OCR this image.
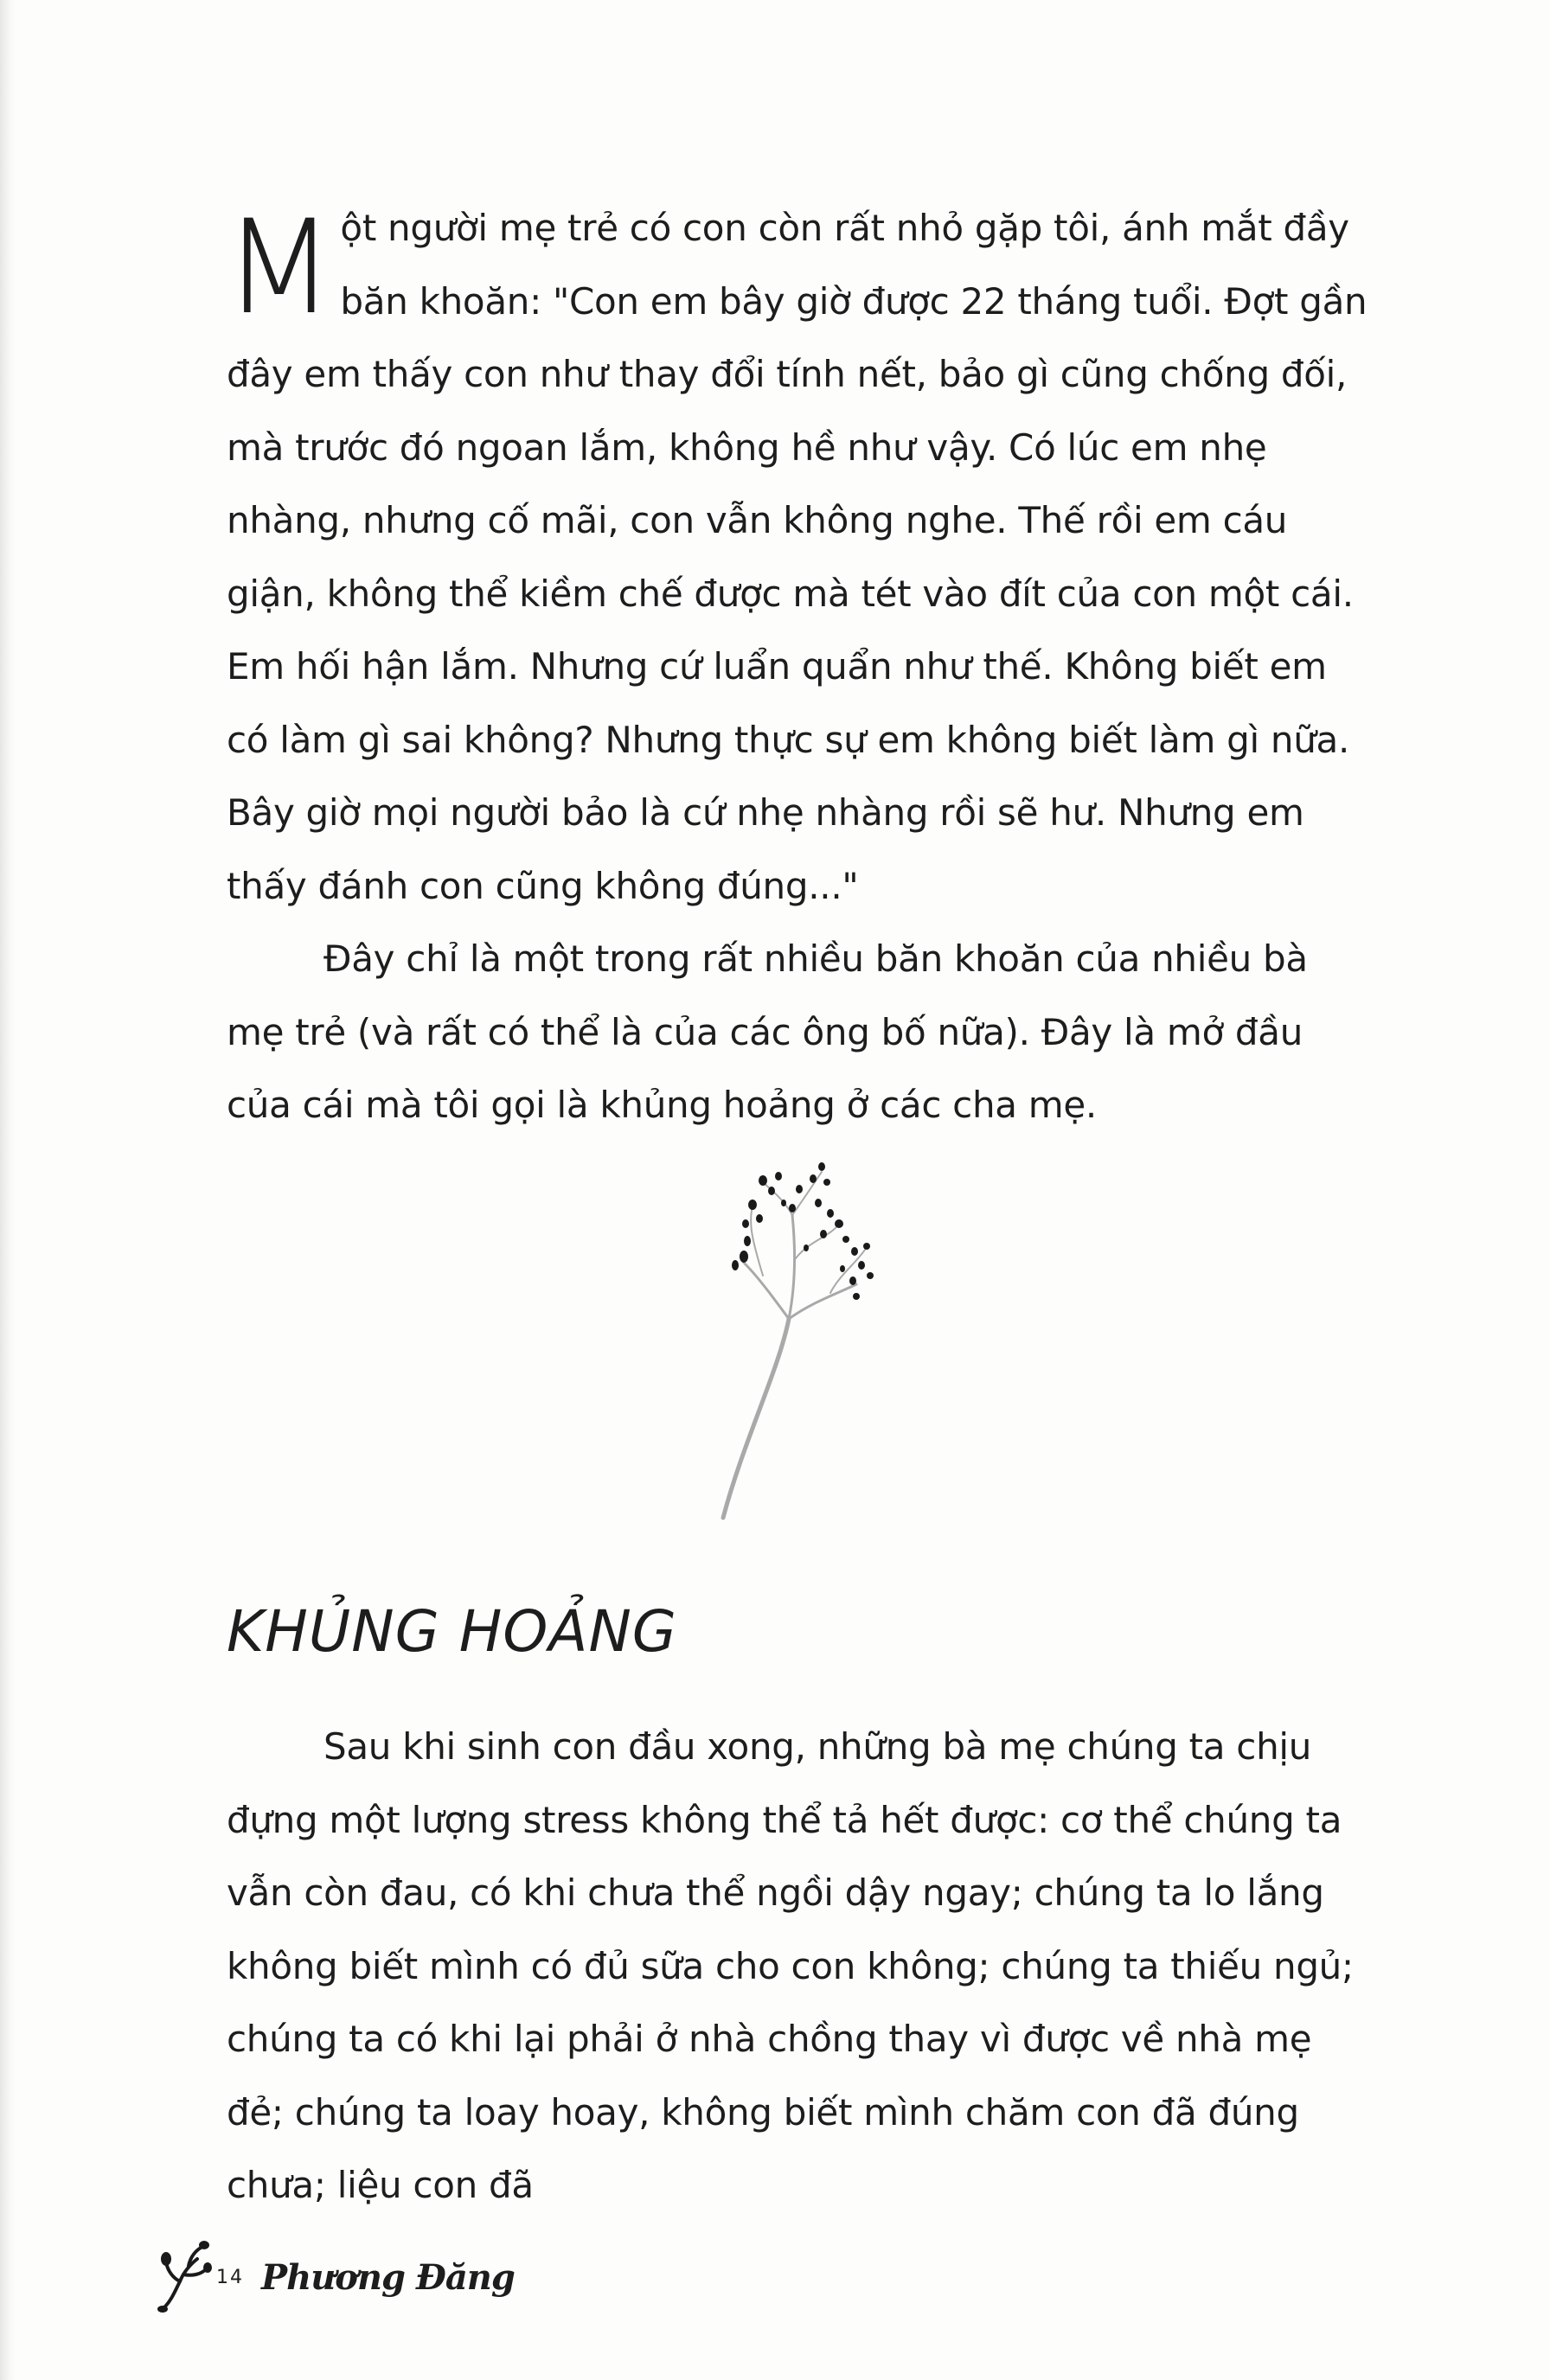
Một người mẹ trẻ có con còn rất nhỏ gặp tôi, ánh mắt đầy băn khoăn: "Con em bây giờ được 22 tháng tuổi. Đợt gần đây em thấy con như thay đổi tính nết, bảo gì cũng chống đối, mà trước đó ngoan lắm, không hề như vậy. Có lúc em nhẹ nhàng, nhưng cố mãi, con vẫn không nghe. Thế rồi em cáu giận, không thể kiềm chế được mà tét vào đít của con một cái. Em hối hận lắm. Nhưng cứ luẩn quẩn như thế. Không biết em có làm gì sai không? Nhưng thực sự em không biết làm gì nữa. Bây giờ mọi người bảo là cứ nhẹ nhàng rồi sẽ hư. Nhưng em thấy đánh con cũng không đúng..."

Đây chỉ là một trong rất nhiều băn khoăn của nhiều bà mẹ trẻ (và rất có thể là của các ông bố nữa). Đây là mở đầu của cái mà tôi gọi là khủng hoảng ở các cha mẹ.

KHỦNG HOẢNG

Sau khi sinh con đầu xong, những bà mẹ chúng ta chịu đựng một lượng stress không thể tả hết được: cơ thể chúng ta vẫn còn đau, có khi chưa thể ngồi dậy ngay; chúng ta lo lắng không biết mình có đủ sữa cho con không; chúng ta thiếu ngủ; chúng ta có khi lại phải ở nhà chồng thay vì được về nhà mẹ đẻ; chúng ta loay hoay, không biết mình chăm con đã đúng chưa; liệu con đã

14 Phương Đăng
